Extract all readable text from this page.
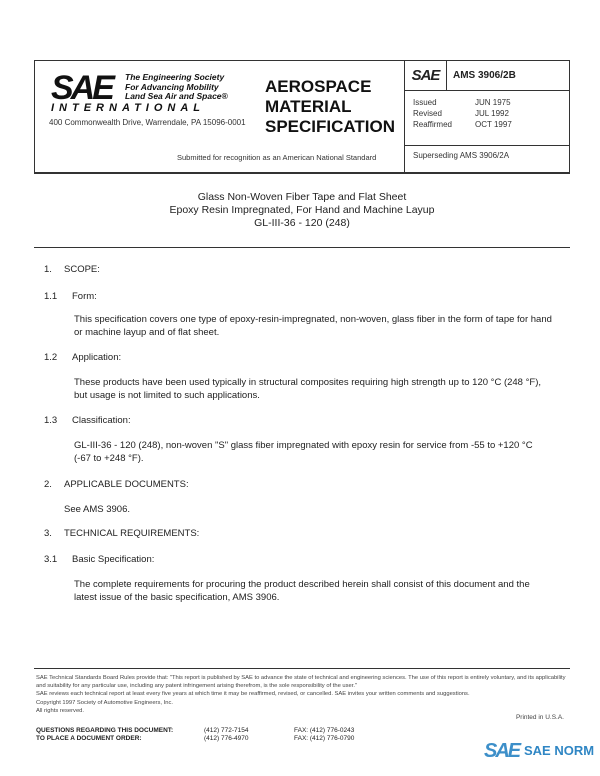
SAE The Engineering Society
For Advancing Mobility
Land Sea Air and Space®
INTERNATIONAL
400 Commonwealth Drive, Warrendale, PA 15096-0001
AEROSPACE
MATERIAL
SPECIFICATION
Submitted for recognition as an American National Standard
SAE	AMS 3906/2B
Issued	JUN 1975
Revised	JUL 1992
Reaffirmed	OCT 1997
Superseding AMS 3906/2A
Glass Non-Woven Fiber Tape and Flat Sheet
Epoxy Resin Impregnated, For Hand and Machine Layup
GL-III-36 - 120 (248)
1. SCOPE:
1.1 Form:
This specification covers one type of epoxy-resin-impregnated, non-woven, glass fiber in the form of tape for hand or machine layup and of flat sheet.
1.2 Application:
These products have been used typically in structural composites requiring high strength up to 120 °C (248 °F), but usage is not limited to such applications.
1.3 Classification:
GL-III-36 - 120 (248), non-woven "S" glass fiber impregnated with epoxy resin for service from -55 to +120 °C (-67 to +248 °F).
2. APPLICABLE DOCUMENTS:
See AMS 3906.
3. TECHNICAL REQUIREMENTS:
3.1 Basic Specification:
The complete requirements for procuring the product described herein shall consist of this document and the latest issue of the basic specification, AMS 3906.
SAE Technical Standards Board Rules provide that: "This report is published by SAE to advance the state of technical and engineering sciences. The use of this report is entirely voluntary, and its applicability and suitability for any particular use, including any patent infringement arising therefrom, is the sole responsibility of the user."
SAE reviews each technical report at least every five years at which time it may be reaffirmed, revised, or cancelled. SAE invites your written comments and suggestions.
Copyright 1997 Society of Automotive Engineers, Inc.
All rights reserved.
Printed in U.S.A.
QUESTIONS REGARDING THIS DOCUMENT:	(412) 772-7154	FAX: (412) 776-0243
TO PLACE A DOCUMENT ORDER:	(412) 776-4970	FAX: (412) 776-0790
SAE SAE NORM
